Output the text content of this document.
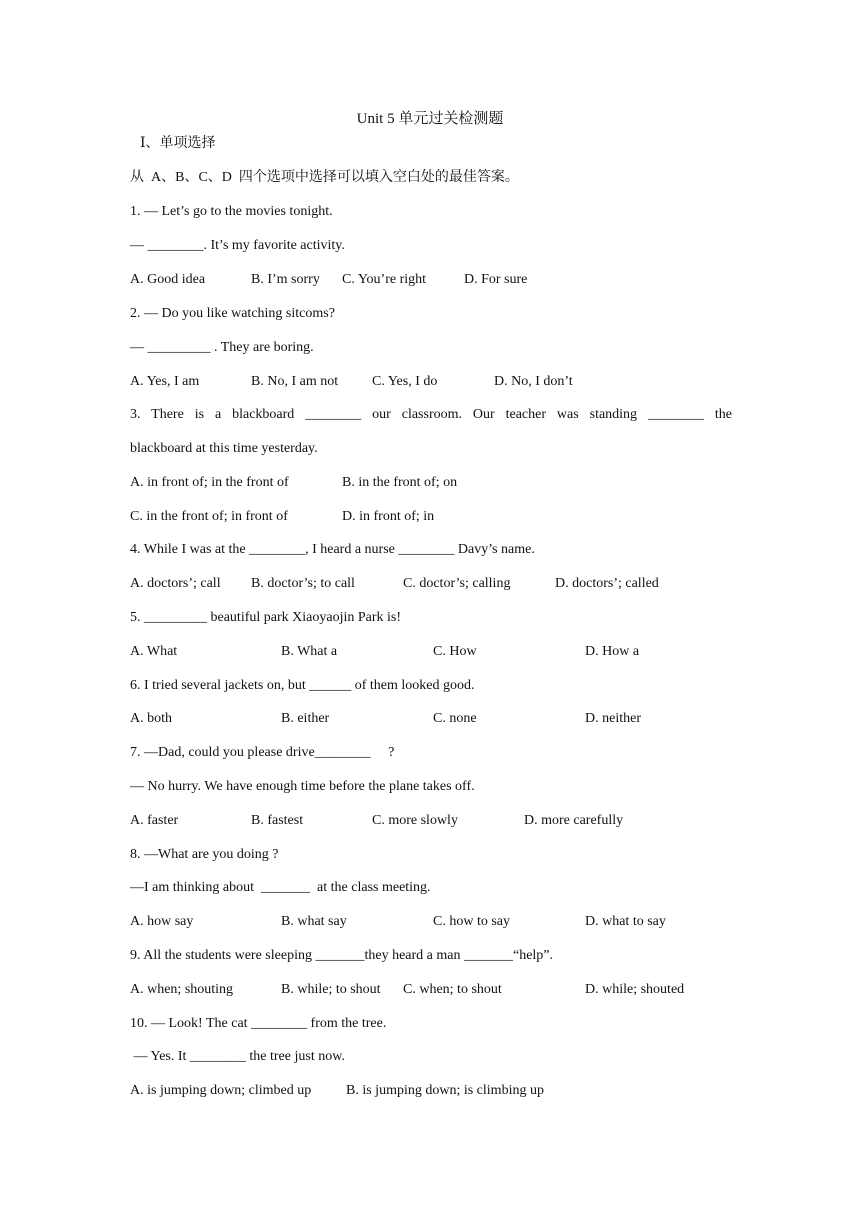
Unit 5 单元过关检测题
Ⅰ、单项选择
从  A、B、C、D  四个选项中选择可以填入空白处的最佳答案。
1. — Let’s go to the movies tonight.
— ________. It’s my favorite activity.
A. Good idea	B. I’m sorry C. You’re right	D. For sure
2. — Do you like watching sitcoms?
— _________ . They are boring.
A. Yes, I am	B. No, I am not C. Yes, I do	D. No, I don’t
3. There is a blackboard ________ our classroom. Our teacher was standing ________ the
blackboard at this time yesterday.
A. in front of; in the front of	B. in the front of; on
C. in the front of; in front of	D. in front of; in
4. While I was at the ________, I heard a nurse ________ Davy’s name.
A. doctors’; call B. doctor’s; to call	C. doctor’s; calling	D. doctors’; called
5. _________ beautiful park Xiaoyaojin Park is!
A. What	B. What a	C. How	D. How a
6. I tried several jackets on, but ______ of them looked good.
A. both	B. either	C. none	D. neither
7. —Dad, could you please drive________     ?
— No hurry. We have enough time before the plane takes off.
A. faster	B. fastest	C. more slowly	D. more carefully
8. —What are you doing ?
—I am thinking about  _______  at the class meeting.
A. how say	B. what say	C. how to say	D. what to say
9. All the students were sleeping _______they heard a man _______“help”.
A. when; shouting	B. while; to shout C. when; to shout	D. while; shouted
10. — Look! The cat ________ from the tree.
— Yes. It ________ the tree just now.
A. is jumping down; climbed up B. is jumping down; is climbing up
